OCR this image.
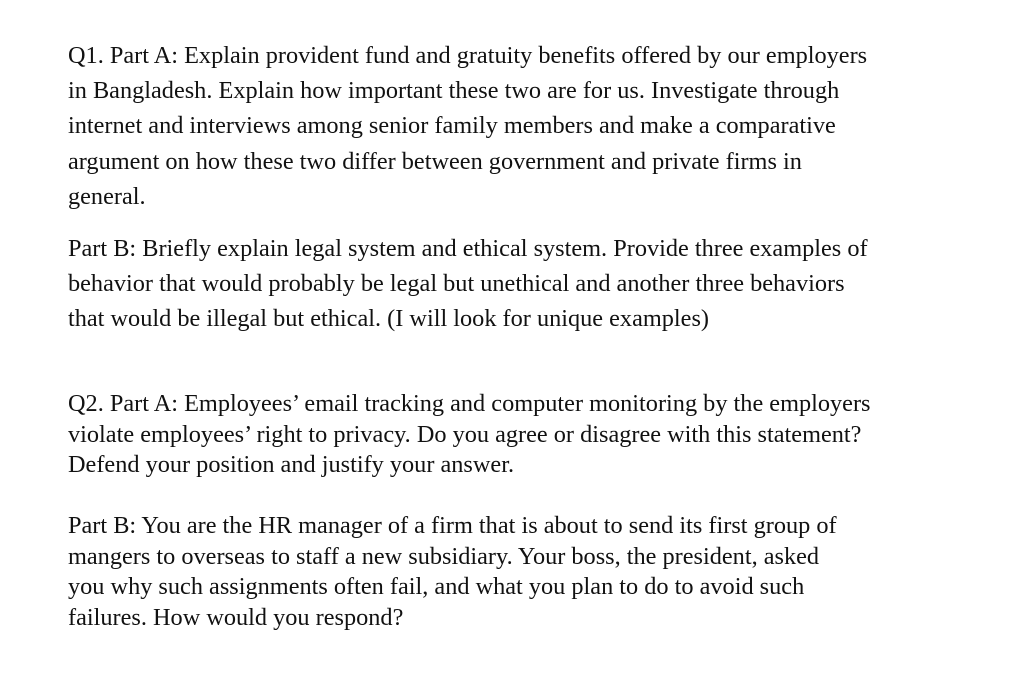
Q1. Part A: Explain provident fund and gratuity benefits offered by our employers
in Bangladesh. Explain how important these two are for us. Investigate through
internet and interviews among senior family members and make a comparative
argument on how these two differ between government and private firms in
general.

Part B: Briefly explain legal system and ethical system. Provide three examples of
behavior that would probably be legal but unethical and another three behaviors
that would be illegal but ethical. (I will look for unique examples)

Q2. Part A: Employees’ email tracking and computer monitoring by the employers
violate employees’ right to privacy. Do you agree or disagree with this statement?
Defend your position and justify your answer.

Part B: You are the HR manager of a firm that is about to send its first group of
mangers to overseas to staff a new subsidiary. Your boss, the president, asked
you why such assignments often fail, and what you plan to do to avoid such
failures. How would you respond?
